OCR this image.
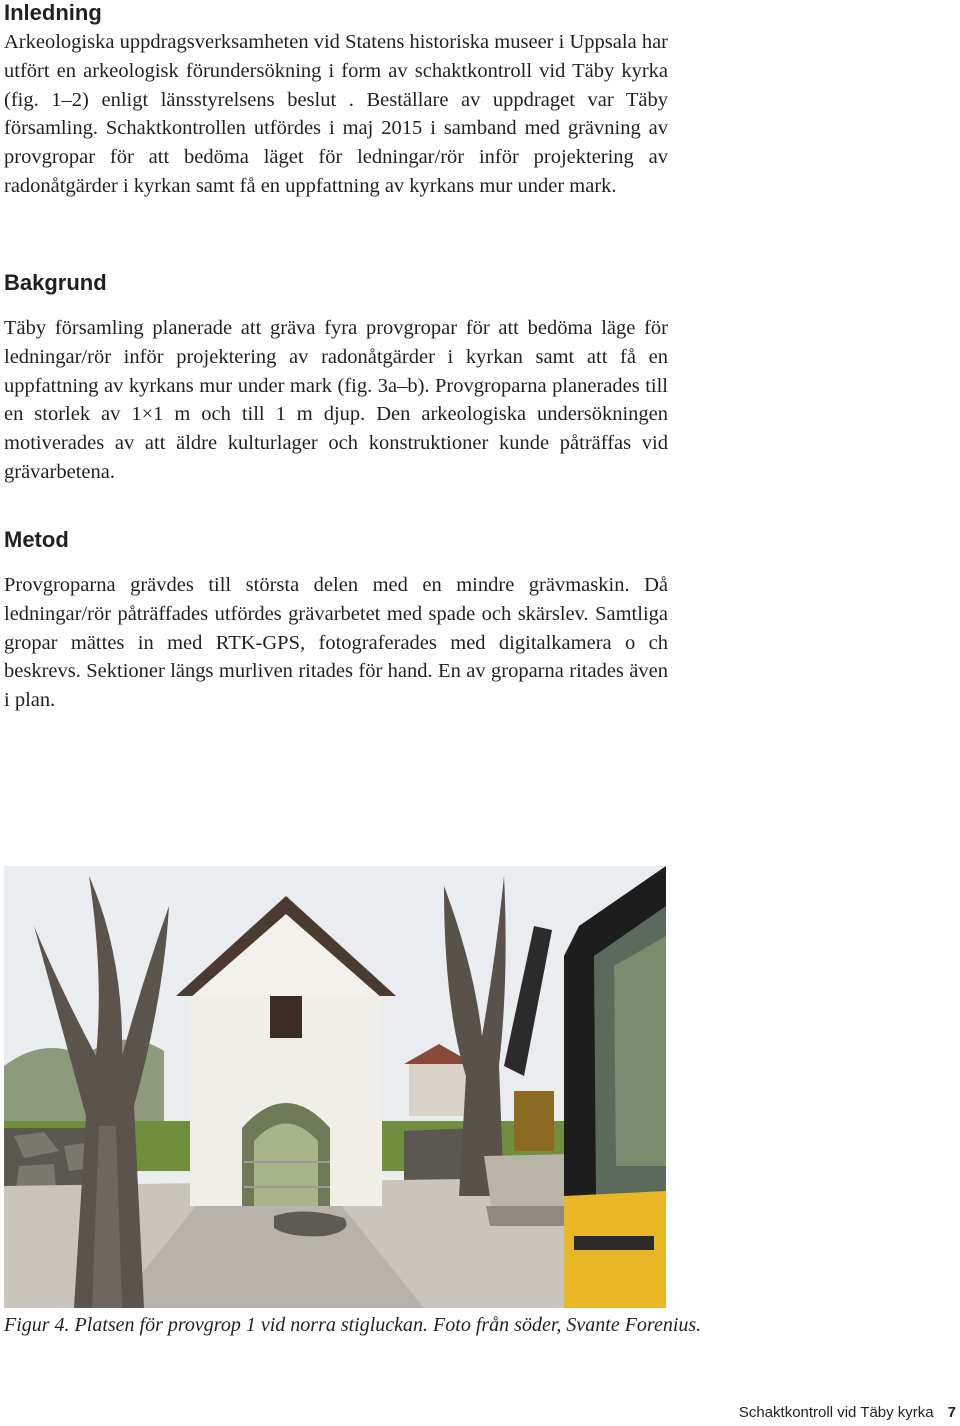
Inledning

Arkeologiska uppdragsverksamheten vid Statens historiska museer i Uppsala har utfört en arkeologisk förundersökning i form av schaktkontroll vid Täby kyrka (fig. 1–2) enligt länsstyrelsens beslut . Beställare av uppdraget var Täby församling. Schaktkontrollen utfördes i maj 2015 i samband med grävning av provgropar för att bedöma läget för ledningar/rör inför projektering av radonåtgärder i kyrkan samt få en uppfattning av kyrkans mur under mark.

Bakgrund

Täby församling planerade att gräva fyra provgropar för att bedöma läge för ledningar/rör inför projektering av radonåtgärder i kyrkan samt att få en uppfattning av kyrkans mur under mark (fig. 3a–b). Provgroparna planerades till en storlek av 1×1 m och till 1 m djup. Den arkeologiska undersökningen motiverades av att äldre kulturlager och konstruktioner kunde påträffas vid grävarbetena.

Metod

Provgroparna grävdes till största delen med en mindre grävmaskin. Då ledningar/rör påträffades utfördes grävarbetet med spade och skärslev. Samtliga gropar mättes in med RTK-GPS, fotograferades med digitalkamera o ch beskrevs. Sektioner längs murliven ritades för hand. En av groparna ritades även i plan.

Figur 4. Platsen för provgrop 1 vid norra stigluckan. Foto från söder, Svante Forenius.
Schaktkontroll vid Täby kyrka 7
